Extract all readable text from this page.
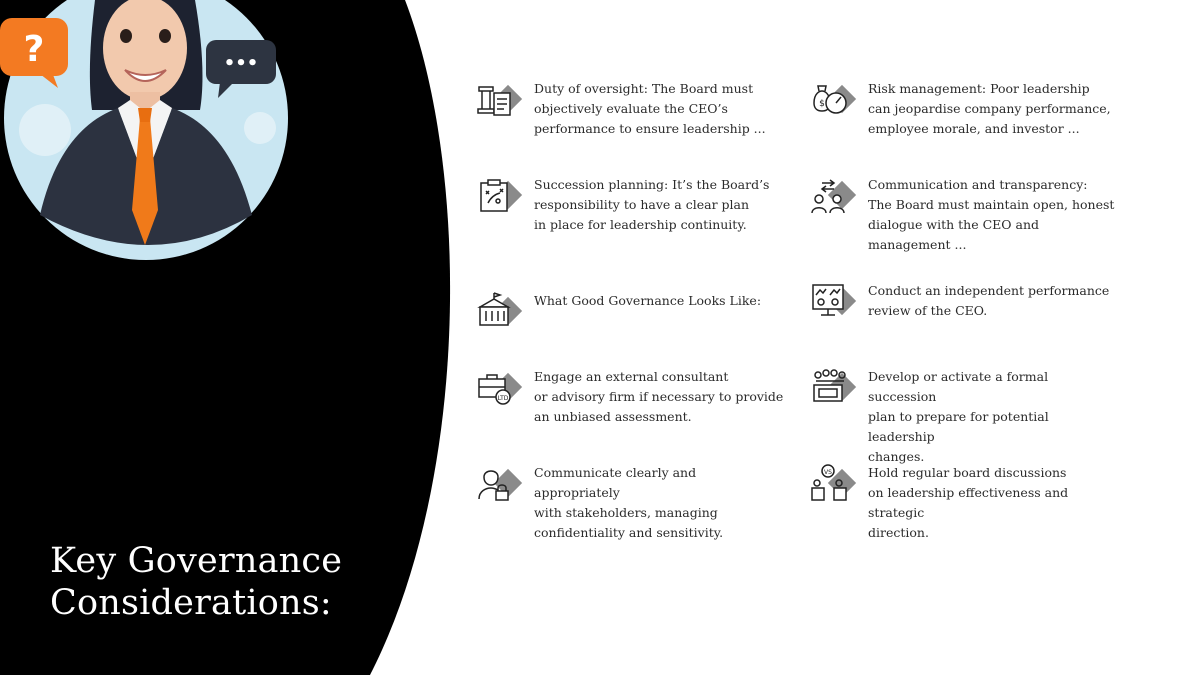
?	•••
Key Governance
Considerations:

Duty of oversight: The Board must
objectively evaluate the CEO’s
performance to ensure leadership ...

$

Risk management: Poor leadership
can jeopardise company performance,
employee morale, and investor ...

Succession planning: It’s the Board’s
responsibility to have a clear plan
in place for leadership continuity.

Communication and transparency:
The Board must maintain open, honest
dialogue with the CEO and management ...

What Good Governance Looks Like:

Conduct an independent performance
review of the CEO.

LTD

Engage an external consultant
or advisory firm if necessary to provide
an unbiased assessment.

Develop or activate a formal succession
plan to prepare for potential leadership
changes.

Communicate clearly and appropriately
with stakeholders, managing
confidentiality and sensitivity.

VS	Hold regular board discussions
on leadership effectiveness and strategic
direction.
